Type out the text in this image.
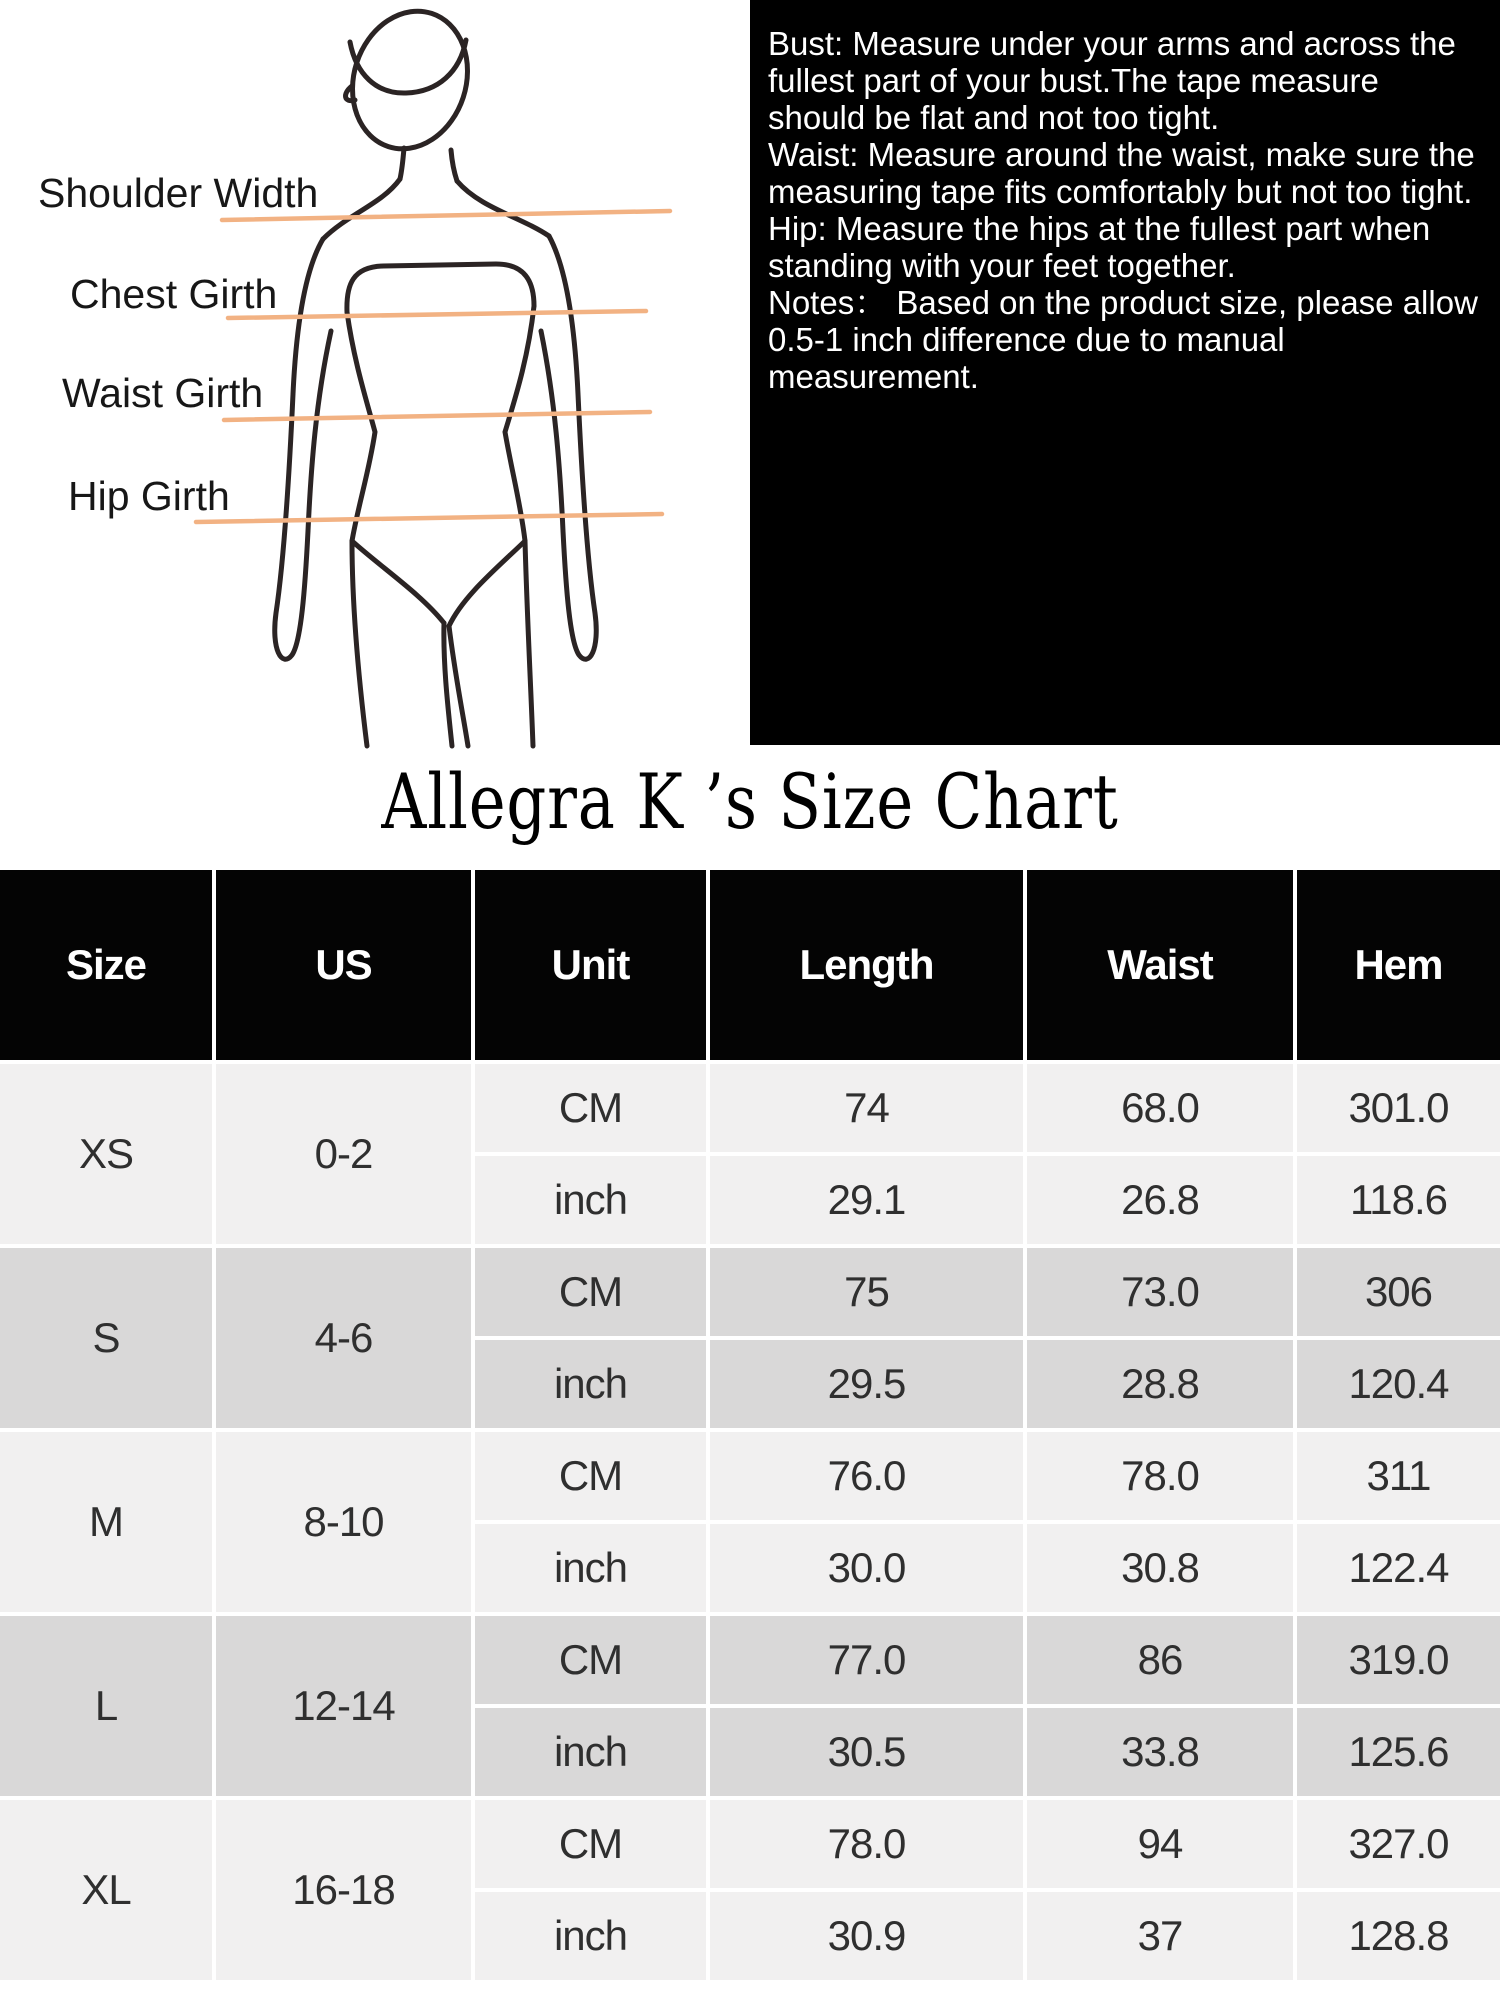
Shoulder Width
Chest Girth
Waist Girth
Hip Girth

Bust: Measure under your arms and across the fullest part of your bust.The tape measure should be flat and not too tight.

Waist: Measure around the waist, make sure the measuring tape fits comfortably but not too tight.

Hip: Measure the hips at the fullest part when standing with your feet together.

Notes： Based on the product size, please allow 0.5-1 inch difference due to manual measurement.

Allegra K ’s Size Chart
Size	US	Unit	Length	Waist	Hem
XS	0-2
CM	74	68.0	301.0
inch	29.1	26.8	118.6
S	4-6
CM	75	73.0	306
inch	29.5	28.8	120.4
M	8-10
CM	76.0	78.0	311
inch	30.0	30.8	122.4
L	12-14
CM	77.0	86	319.0
inch	30.5	33.8	125.6
XL	16-18
CM	78.0	94	327.0
inch	30.9	37	128.8
